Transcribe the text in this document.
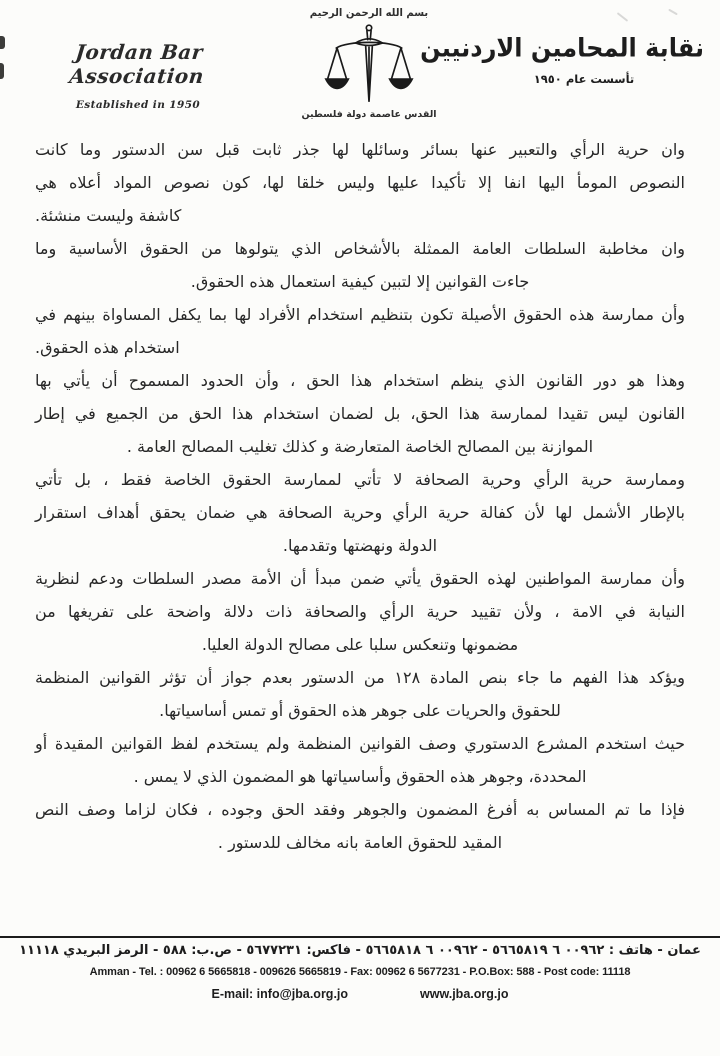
Jordan Bar Association
Established in 1950
بسم الله الرحمن الرحيم
القدس عاصمة دولة فلسطين
نقابة المحامين الاردنيين
تأسست عام ١٩٥٠
وان حرية الرأي والتعبير عنها بسائر وسائلها لها جذر ثابت قبل سن الدستور وما كانت
النصوص المومأ اليها انفا إلا تأكيدا عليها وليس خلقا لها، كون نصوص المواد أعلاه هي
كاشفة وليست منشئة.
وان مخاطبة السلطات العامة الممثلة بالأشخاص الذي يتولوها من الحقوق الأساسية وما
جاءت القوانين إلا لتبين كيفية استعمال هذه الحقوق.
وأن ممارسة هذه الحقوق الأصيلة تكون بتنظيم استخدام الأفراد لها بما يكفل المساواة بينهم في
استخدام هذه الحقوق.
وهذا هو دور القانون الذي ينظم استخدام هذا الحق ، وأن الحدود المسموح أن يأتي بها
القانون ليس تقيدا لممارسة هذا الحق، بل لضمان استخدام هذا الحق من الجميع في إطار
الموازنة بين المصالح الخاصة المتعارضة و كذلك تغليب المصالح العامة .
وممارسة حرية الرأي وحرية الصحافة لا تأتي لممارسة الحقوق الخاصة فقط ، بل تأتي
بالإطار الأشمل لها لأن كفالة حرية الرأي وحرية الصحافة هي ضمان يحقق أهداف استقرار
الدولة ونهضتها وتقدمها.
وأن ممارسة المواطنين لهذه الحقوق يأتي ضمن مبدأ أن الأمة مصدر السلطات ودعم لنظرية
النيابة في الامة ، ولأن تقييد حرية الرأي والصحافة ذات دلالة واضحة على تفريغها من
مضمونها وتنعكس سلبا على مصالح الدولة العليا.
ويؤكد هذا الفهم ما جاء بنص المادة ١٢٨ من الدستور بعدم جواز أن تؤثر القوانين المنظمة
للحقوق والحريات على جوهر هذه الحقوق أو تمس أساسياتها.
حيث استخدم المشرع الدستوري وصف القوانين المنظمة ولم يستخدم لفظ القوانين المقيدة أو
المحددة، وجوهر هذه الحقوق وأساسياتها هو المضمون الذي لا يمس .
فإذا ما تم المساس به أفرغ المضمون والجوهر وفقد الحق وجوده ، فكان لزاما وصف النص
المقيد للحقوق العامة بانه مخالف للدستور .
عمان - هاتف : ‪٠٠٩٦٢ ٦ ٥٦٦٥٨١٨‬ - ‪٠٠٩٦٢ ٦ ٥٦٦٥٨١٩‬ - فاكس: ‪٥٦٧٧٢٣١‬ - ص.ب: ٥٨٨ - الرمز البريدي ١١١١٨
Amman - Tel. : 00962 6 5665818 - 009626 5665819 - Fax: 00962 6 5677231 - P.O.Box: 588 - Post code: 11118
E-mail: info@jba.org.jo	www.jba.org.jo
